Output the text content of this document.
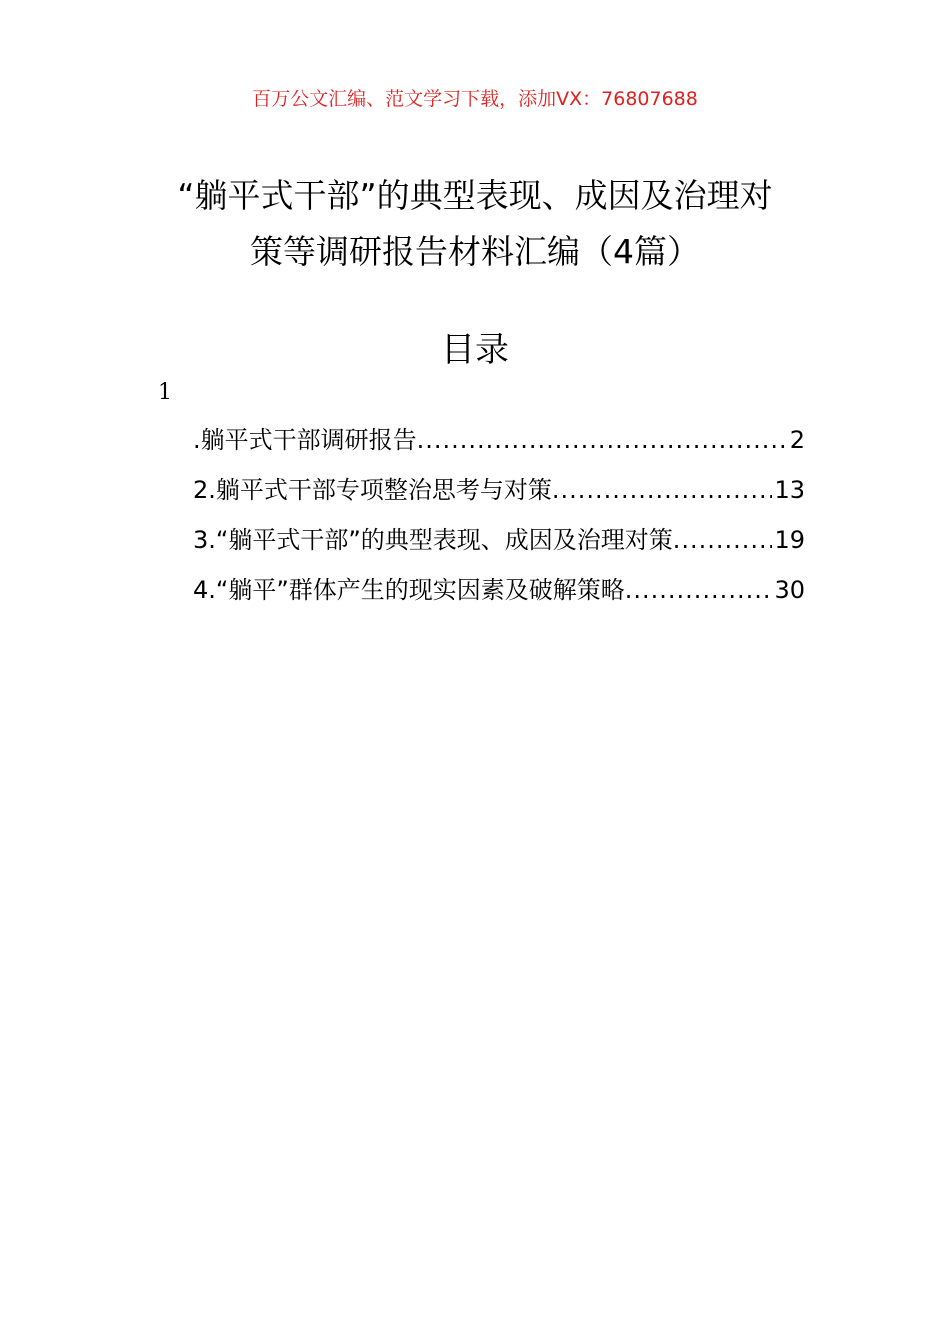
百万公文汇编、范文学习下载，添加VX：76807688
“躺平式干部”的典型表现、成因及治理对
策等调研报告材料汇编（4篇）
目录
1
.躺平式干部调研报告 .....	2
2.躺平式干部专项整治思考与对策 .....	13
3.“躺平式干部”的典型表现、成因及治理对策 .....	19
4.“躺平”群体产生的现实因素及破解策略 .....	30
